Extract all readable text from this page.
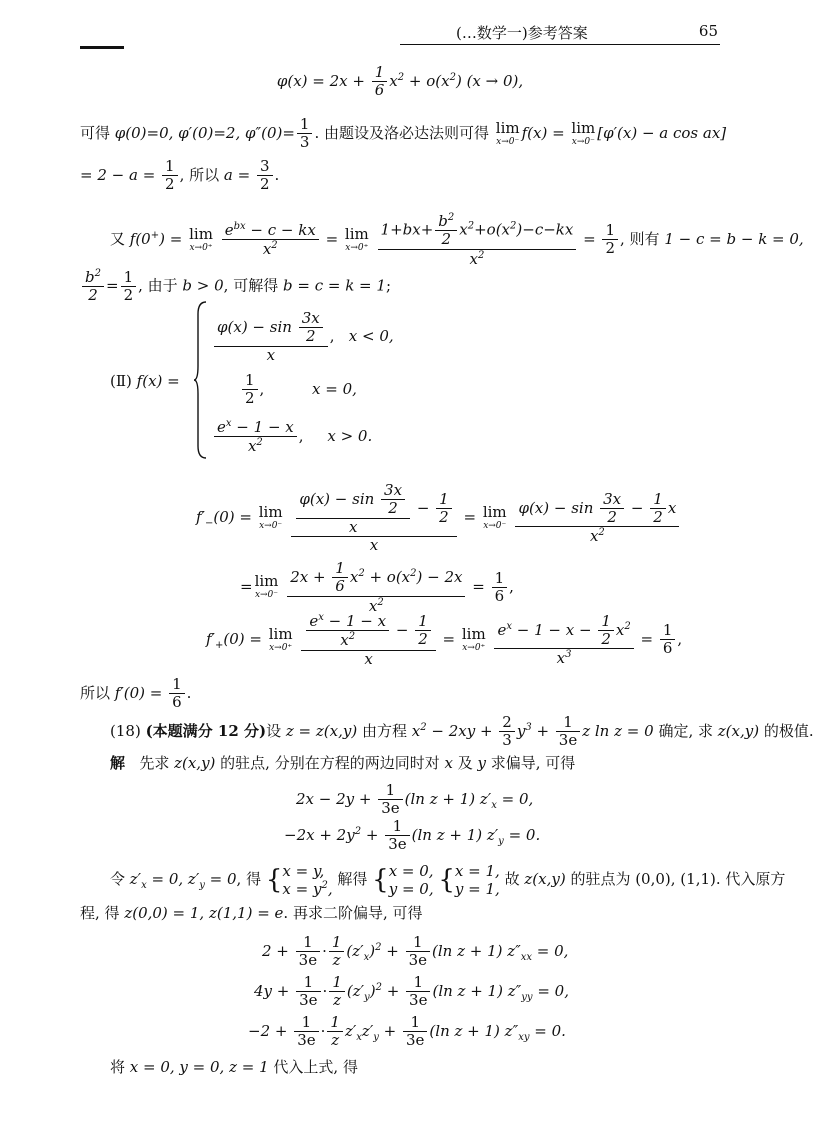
(…数学一)参考答案	65
$\varphi(x) = 2x + \frac{1}{6} x^2 + o(x^2) (x \to 0)$,
可得 φ(0)=0, φ′(0)=2, $\varphi''(0)= \frac{1}{3}$ . 由题设及洛必达法则可得 lim
x→0⁻ f(x) = lim
x→0⁻ [φ′(x) − a cos ax]
= $2 - a = \frac{1}{2}$ , 所以 $a = \frac{3}{2}$ .
又 f(0+) = lim
x→0⁺
$\frac{e^{bx} - c - kx}{x^2} = \lim$
x→0⁺
$\frac{1+bx+ \frac{b^2}{2} x^2+o(x^2)-c-kx}{x^2} = \frac{1}{2}$ , 则有 1 − c = b − k = 0,
$\frac{b^2}{2} = \frac{1}{2}$ , 由于 b > 0, 可解得 b = c = k = 1;
(Ⅱ) f(x) =
$\frac{\varphi(x) - \sin \frac{3x}{2}}{x}$ ,   x < 0,
$\frac{1}{2}$ ,          x = 0,
$\frac{e^x - 1 - x}{x^2}$ ,     x > 0.
$f'_-(0) = \lim$
x→0⁻
$\frac{\frac{\varphi(x) - \sin \frac{3x}{2}}{x} - \frac{1}{2}}{x} = \lim$
x→0⁻
$\frac{\varphi(x) - \sin \frac{3x}{2} - \frac{1}{2} x}{x^2}$
= lim
x→0⁻
$\frac{2x + \frac{1}{6} x^2 + o(x^2) - 2x}{x^2} = \frac{1}{6}$ ,
$f'_+(0) = \lim$
x→0⁺
$\frac{\frac{e^x - 1 - x}{x^2} - \frac{1}{2}}{x} = \lim$
x→0⁺
$\frac{e^x - 1 - x - \frac{1}{2} x^2}{x^3} = \frac{1}{6}$ ,
所以 $f'(0) = \frac{1}{6}$ .
(18) (本题满分 12 分)设 z = z(x,y) 由方程 $x^2 - 2xy + \frac{2}{3} y^3 + \frac{1}{3e}$ z ln z = 0 确定, 求 z(x,y) 的极值.
解   先求 z(x,y) 的驻点, 分别在方程的两边同时对 x 及 y 求偏导, 可得
$2x - 2y + \frac{1}{3e} (\ln$ z + 1) $z'_x = 0$,
$-2x + 2y^2 + \frac{1}{3e} (\ln$ z + 1) $z'_y = 0$.
令 $z'_x = 0$, $z'_y = 0$, 得 { x = y,
$x = y^2$,
解得 { x = 0,
y = 0, { x = 1,
y = 1,
故 z(x,y) 的驻点为 (0,0), (1,1). 代入原方
程, 得 z(0,0) = 1, z(1,1) = e. 再求二阶偏导, 可得
$2 + \frac{1}{3e} \cdot \frac{1}{z} (z'_x)^2 + \frac{1}{3e} (\ln$ z + 1) $z''_{xx} = 0$,
$4y + \frac{1}{3e} \cdot \frac{1}{z} (z'_y)^2 + \frac{1}{3e} (\ln$ z + 1) $z''_{yy} = 0$,
$-2 + \frac{1}{3e} \cdot \frac{1}{z} z'_xz'_y + \frac{1}{3e} (\ln$ z + 1) $z''_{xy} = 0$.
将 x = 0, y = 0, z = 1 代入上式, 得
